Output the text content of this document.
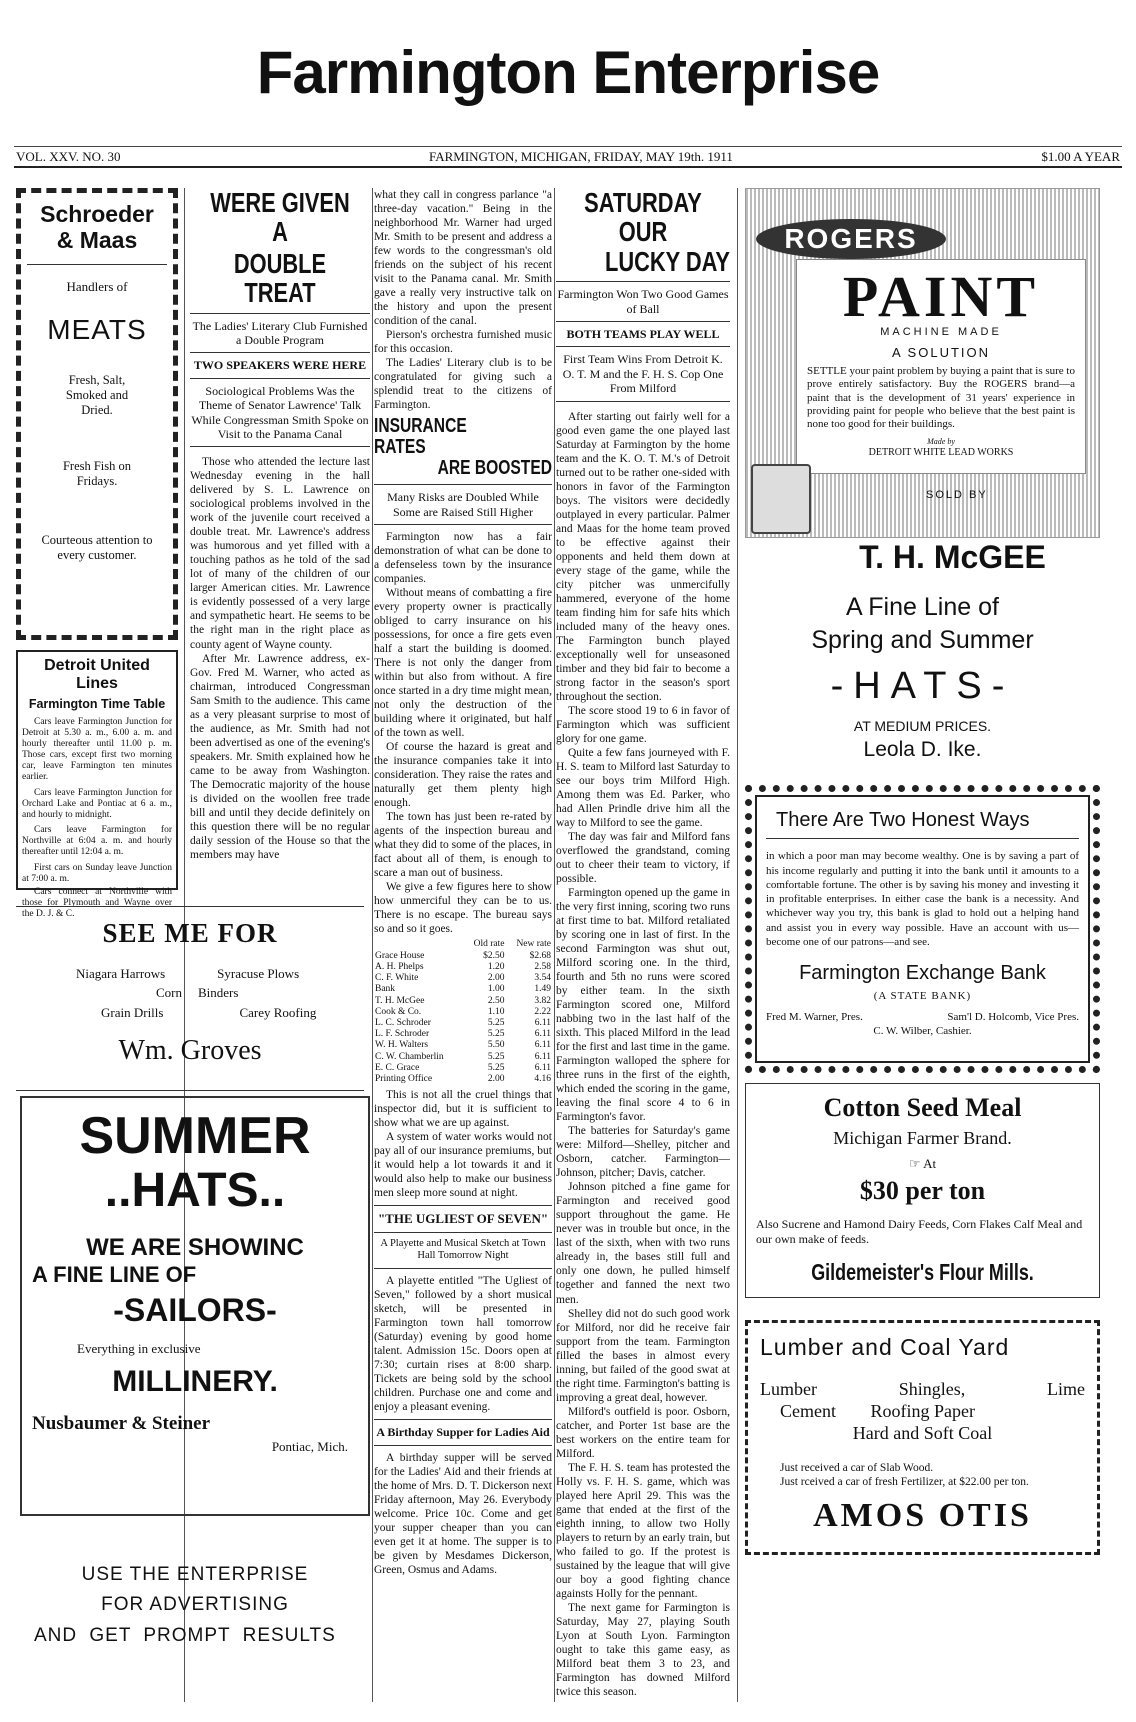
Farmington Enterprise
VOL. XXV. NO. 30	FARMINGTON, MICHIGAN, FRIDAY, MAY 19th. 1911	$1.00 A YEAR
Schroeder
& Maas
Handlers of
MEATS
Fresh, Salt, Smoked and Dried.
Fresh Fish on Fridays.
Courteous attention to every customer.
Detroit United Lines
Farmington Time Table

Cars leave Farmington Junction for Detroit at 5.30 a. m., 6.00 a. m. and hourly thereafter until 11.00 p. m. Those cars, except first two morning car, leave Farmington ten minutes earlier.

Cars leave Farmington Junction for Orchard Lake and Pontiac at 6 a. m., and hourly to midnight.

Cars leave Farmington for Northville at 6:04 a. m. and hourly thereafter until 12:04 a. m.

First cars on Sunday leave Junction at 7:00 a. m.

Cars connect at Northville with those for Plymouth and Wayne over the D. J. & C.

SEE ME FOR
Niagara Harrows	Syracuse Plows
Corn Binders
Grain Drills	Carey Roofing
Wm. Groves
SUMMER
..HATS..
WE ARE SHOWINC
A FINE LINE OF
-SAILORS-
Everything in exclusive
MILLINERY.
Nusbaumer & Steiner
Pontiac, Mich.
USE THE ENTERPRISE
FOR ADVERTISING
AND GET PROMPT RESULTS
WERE GIVEN A
DOUBLE TREAT
The Ladies' Literary Club Furnished a Double Program
TWO SPEAKERS WERE HERE
Sociological Problems Was the Theme of Senator Lawrence' Talk While Congressman Smith Spoke on Visit to the Panama Canal

Those who attended the lecture last Wednesday evening in the hall delivered by S. L. Lawrence on sociological problems involved in the work of the juvenile court received a double treat. Mr. Lawrence's address was humorous and yet filled with a touching pathos as he told of the sad lot of many of the children of our larger American cities. Mr. Lawrence is evidently possessed of a very large and sympathetic heart. He seems to be the right man in the right place as county agent of Wayne county.

After Mr. Lawrence address, ex-Gov. Fred M. Warner, who acted as chairman, introduced Congressman Sam Smith to the audience. This came as a very pleasant surprise to most of the audience, as Mr. Smith had not been advertised as one of the evening's speakers. Mr. Smith explained how he came to be away from Washington. The Democratic majority of the house is divided on the woollen free trade bill and until they decide definitely on this question there will be no regular daily session of the House so that the members may have

what they call in congress parlance "a three-day vacation." Being in the neighborhood Mr. Warner had urged Mr. Smith to be present and address a few words to the congressman's old friends on the subject of his recent visit to the Panama canal. Mr. Smith gave a really very instructive talk on the history and upon the present condition of the canal.

Pierson's orchestra furnished music for this occasion.

The Ladies' Literary club is to be congratulated for giving such a splendid treat to the citizens of Farmington.

INSURANCE RATES
ARE BOOSTED
Many Risks are Doubled While Some are Raised Still Higher

Farmington now has a fair demonstration of what can be done to a defenseless town by the insurance companies.

Without means of combatting a fire every property owner is practically obliged to carry insurance on his possessions, for once a fire gets even half a start the building is doomed. There is not only the danger from within but also from without. A fire once started in a dry time might mean, not only the destruction of the building where it originated, but half of the town as well.

Of course the hazard is great and the insurance companies take it into consideration. They raise the rates and naturally get them plenty high enough.

The town has just been re-rated by agents of the inspection bureau and what they did to some of the places, in fact about all of them, is enough to scare a man out of business.

We give a few figures here to show how unmerciful they can be to us. There is no escape. The bureau says so and so it goes.

	Old rate	New rate
Grace House	$2.50	$2.68
A. H. Phelps	1.20	2.58
C. F. White	2.00	3.54
Bank	1.00	1.49
T. H. McGee	2.50	3.82
Cook & Co.	1.10	2.22
L. C. Schroder	5.25	6.11
L. F. Schroder	5.25	6.11
W. H. Walters	5.50	6.11
C. W. Chamberlin	5.25	6.11
E. C. Grace	5.25	6.11
Printing Office	2.00	4.16

This is not all the cruel things that inspector did, but it is sufficient to show what we are up against.

A system of water works would not pay all of our insurance premiums, but it would help a lot towards it and it would also help to make our business men sleep more sound at night.

"THE UGLIEST OF SEVEN"
A Playette and Musical Sketch at Town Hall Tomorrow Night

A playette entitled "The Ugliest of Seven," followed by a short musical sketch, will be presented in Farmington town hall tomorrow (Saturday) evening by good home talent. Admission 15c. Doors open at 7:30; curtain rises at 8:00 sharp. Tickets are being sold by the school children. Purchase one and come and enjoy a pleasant evening.

A Birthday Supper for Ladies Aid

A birthday supper will be served for the Ladies' Aid and their friends at the home of Mrs. D. T. Dickerson next Friday afternoon, May 26. Everybody welcome. Price 10c. Come and get your supper cheaper than you can even get it at home. The supper is to be given by Mesdames Dickerson, Green, Osmus and Adams.

SATURDAY OUR
LUCKY DAY
Farmington Won Two Good Games of Ball
BOTH TEAMS PLAY WELL
First Team Wins From Detroit K. O. T. M and the F. H. S. Cop One From Milford

After starting out fairly well for a good even game the one played last Saturday at Farmington by the home team and the K. O. T. M.'s of Detroit turned out to be rather one-sided with honors in favor of the Farmington boys. The visitors were decidedly outplayed in every particular. Palmer and Maas for the home team proved to be effective against their opponents and held them down at every stage of the game, while the city pitcher was unmercifully hammered, everyone of the home team finding him for safe hits which included many of the heavy ones. The Farmington bunch played exceptionally well for unseasoned timber and they bid fair to become a strong factor in the season's sport throughout the section.

The score stood 19 to 6 in favor of Farmington which was sufficient glory for one game.

Quite a few fans journeyed with F. H. S. team to Milford last Saturday to see our boys trim Milford High. Among them was Ed. Parker, who had Allen Prindle drive him all the way to Milford to see the game.

The day was fair and Milford fans overflowed the grandstand, coming out to cheer their team to victory, if possible.

Farmington opened up the game in the very first inning, scoring two runs at first time to bat. Milford retaliated by scoring one in last of first. In the second Farmington was shut out, Milford scoring one. In the third, fourth and 5th no runs were scored by either team. In the sixth Farmington scored one, Milford nabbing two in the last half of the sixth. This placed Milford in the lead for the first and last time in the game. Farmington walloped the sphere for three runs in the first of the eighth, which ended the scoring in the game, leaving the final score 4 to 6 in Farmington's favor.

The batteries for Saturday's game were: Milford—Shelley, pitcher and Osborn, catcher. Farmington—Johnson, pitcher; Davis, catcher.

Johnson pitched a fine game for Farmington and received good support throughout the game. He never was in trouble but once, in the last of the sixth, when with two runs already in, the bases still full and only one down, he pulled himself together and fanned the next two men.

Shelley did not do such good work for Milford, nor did he receive fair support from the team. Farmington filled the bases in almost every inning, but failed of the good swat at the right time. Farmington's batting is improving a great deal, however.

Milford's outfield is poor. Osborn, catcher, and Porter 1st base are the best workers on the entire team for Milford.

The F. H. S. team has protested the Holly vs. F. H. S. game, which was played here April 29. This was the game that ended at the first of the eighth inning, to allow two Holly players to return by an early train, but who failed to go. If the protest is sustained by the league that will give our boy a good fighting chance againsts Holly for the pennant.

The next game for Farmington is Saturday, May 27, playing South Lyon at South Lyon. Farmington ought to take this game easy, as Milford beat them 3 to 23, and Farmington has downed Milford twice this season.

ROGERS
PAINT
MACHINE MADE
A SOLUTION
SETTLE your paint problem by buying a paint that is sure to prove entirely satisfactory. Buy the ROGERS brand—a paint that is the development of 31 years' experience in providing paint for people who believe that the best paint is none too good for their buildings.
Made by
DETROIT WHITE LEAD WORKS
SOLD BY
T. H. McGEE
A Fine Line of
Spring and Summer
-HATS-
AT MEDIUM PRICES.
Leola D. Ike.
There Are Two Honest Ways
in which a poor man may become wealthy. One is by saving a part of his income regularly and putting it into the bank until it amounts to a comfortable fortune. The other is by saving his money and investing it in profitable enterprises. In either case the bank is a necessity. And whichever way you try, this bank is glad to hold out a helping hand and assist you in every way possible. Have an account with us—become one of our patrons—and see.
Farmington Exchange Bank
(A STATE BANK)
Fred M. Warner, Pres.	Sam'l D. Holcomb, Vice Pres.
C. W. Wilber, Cashier.
Cotton Seed Meal
Michigan Farmer Brand.
☞ At
$30 per ton
Also Sucrene and Hamond Dairy Feeds, Corn Flakes Calf Meal and our own make of feeds.
Gildemeister's Flour Mills.
Lumber and Coal Yard
Lumber	Shingles,	Lime
Cement Roofing Paper
Hard and Soft Coal
Just received a car of Slab Wood.
Just rceived a car of fresh Fertilizer, at $22.00 per ton.
AMOS OTIS
